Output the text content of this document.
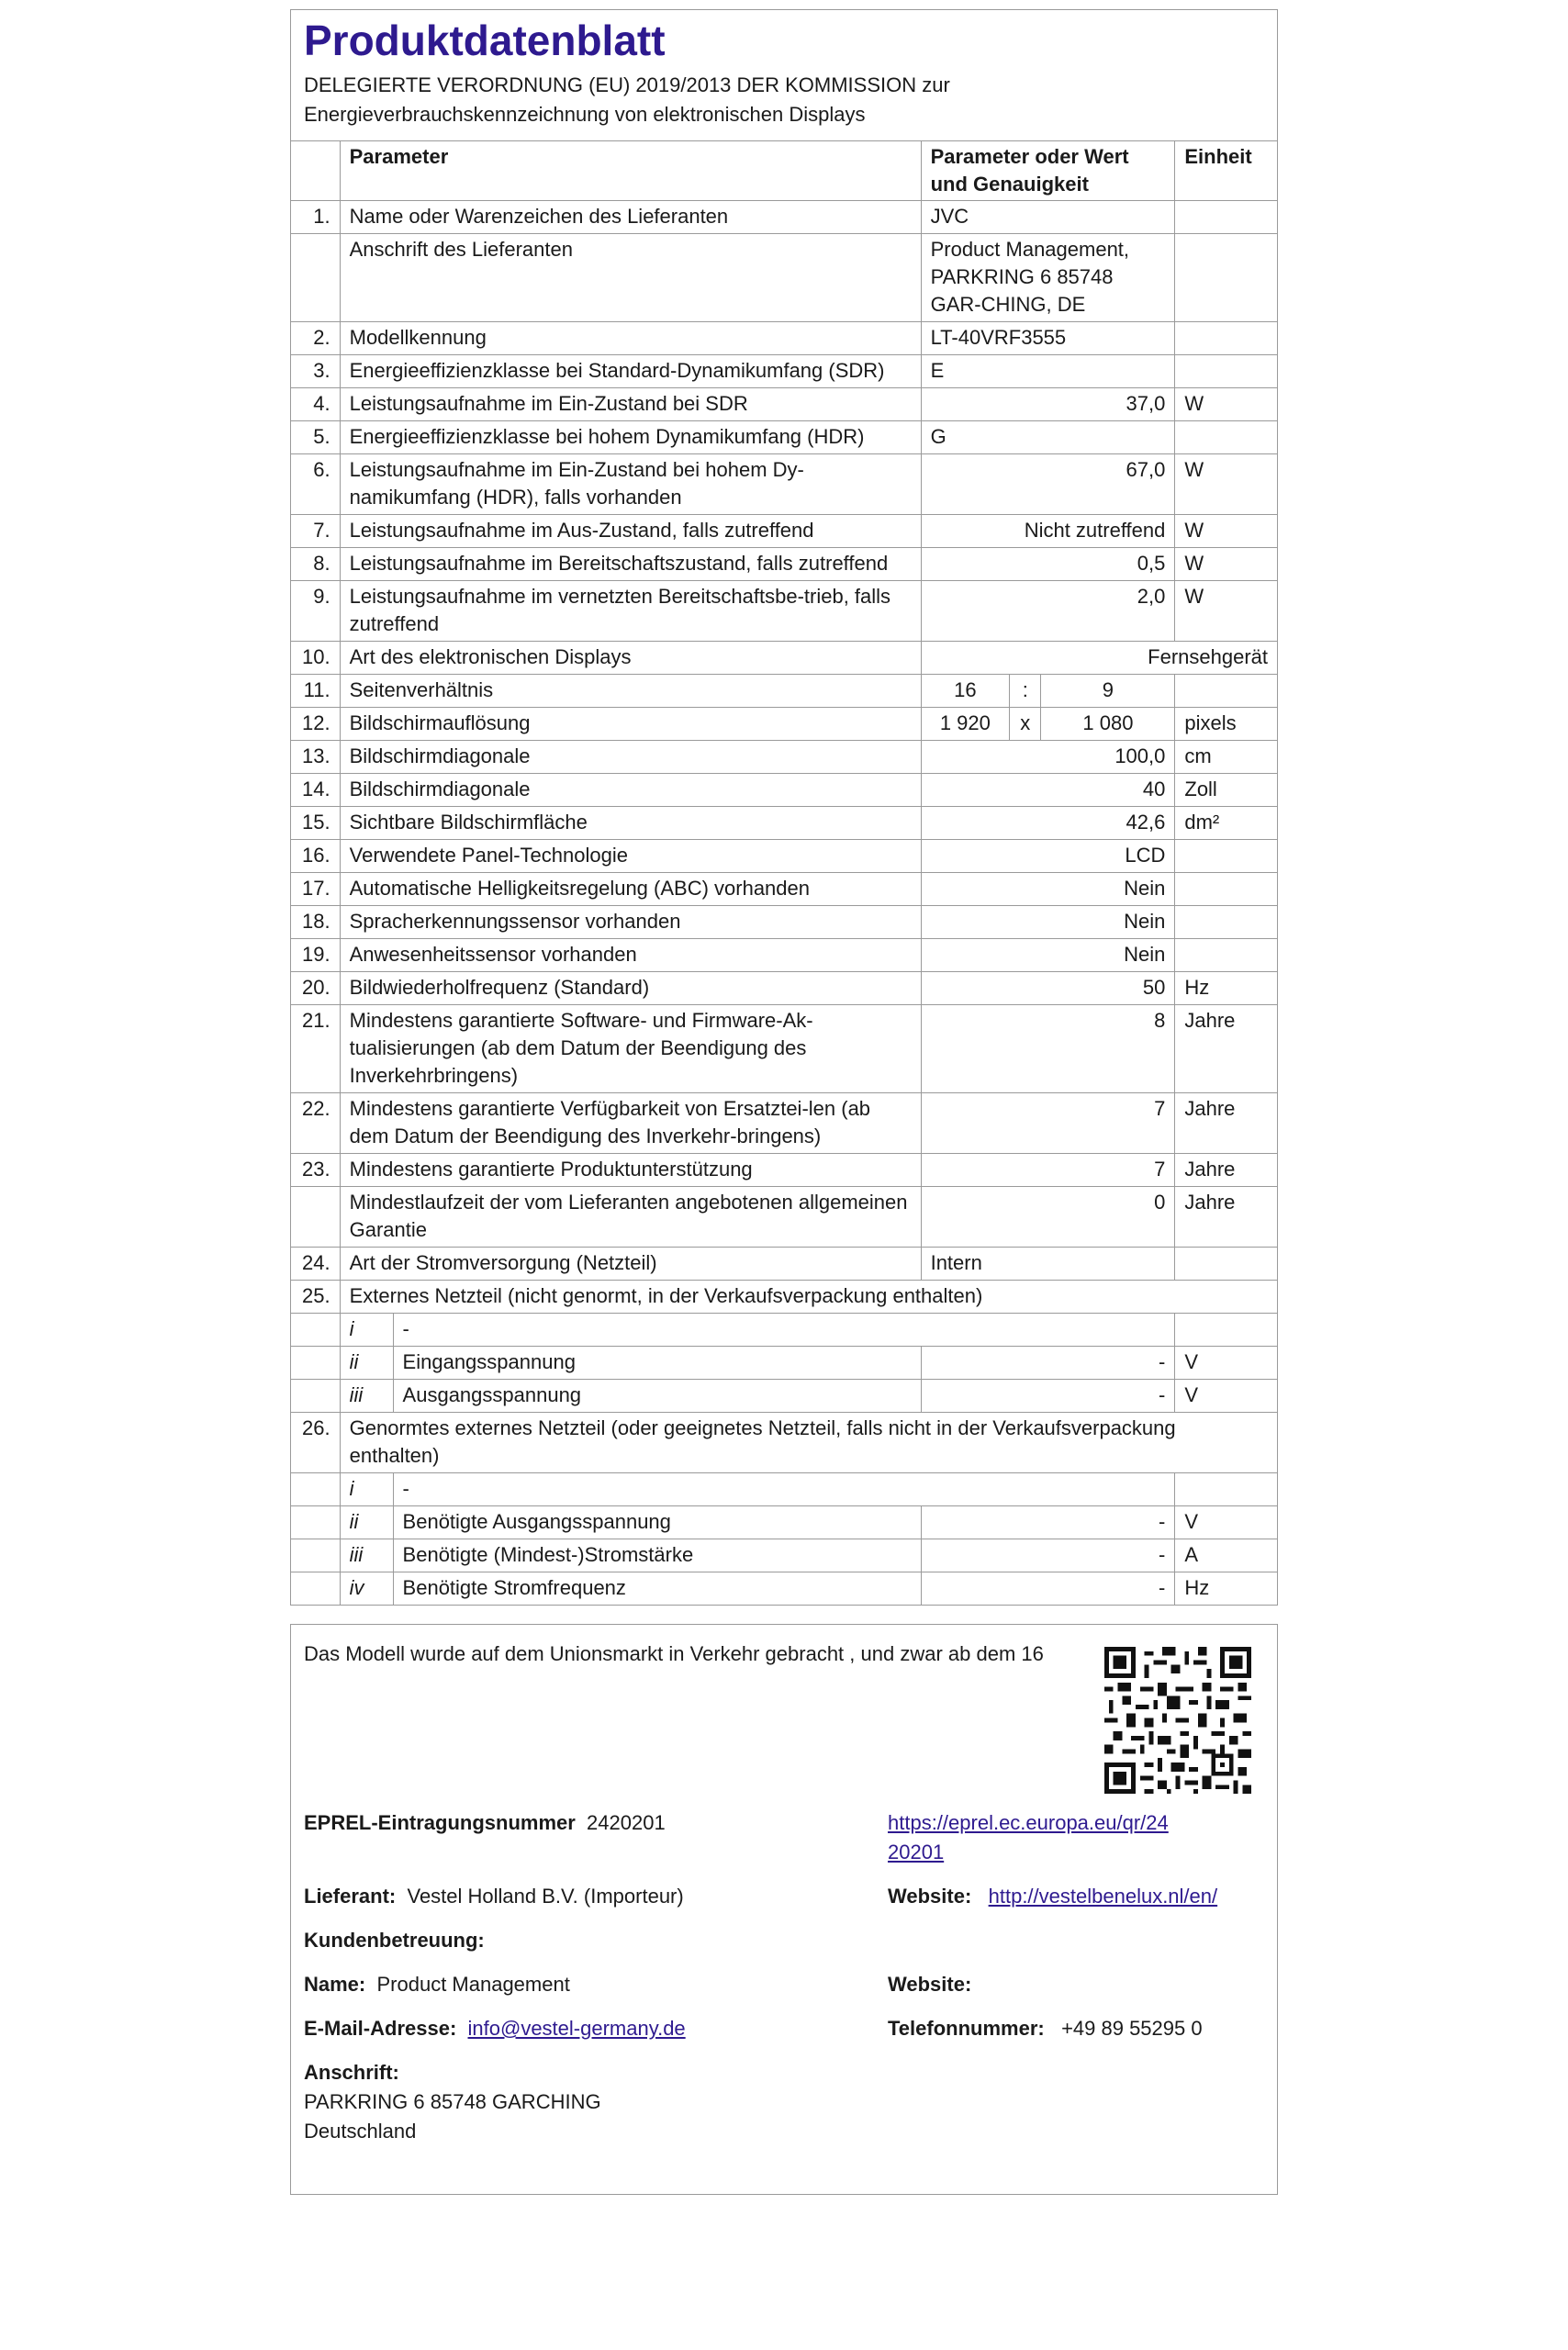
Produktdatenblatt
DELEGIERTE VERORDNUNG (EU) 2019/2013 DER KOMMISSION zur
Energieverbrauchskennzeichnung von elektronischen Displays
	Parameter		Parameter oder Wert und Genauigkeit			Einheit
1.	Name oder Warenzeichen des Lieferanten		JVC			
	Anschrift des Lieferanten		Product Management, PARKRING 6 85748 GAR-CHING, DE			
2.	Modellkennung		LT-40VRF3555			
3.	Energieeffizienzklasse bei Standard-Dynamikumfang (SDR)		E			
4.	Leistungsaufnahme im Ein-Zustand bei SDR		37,0			W
5.	Energieeffizienzklasse bei hohem Dynamikumfang (HDR)		G			
6.	Leistungsaufnahme im Ein-Zustand bei hohem Dy-namikumfang (HDR), falls vorhanden		67,0			W
7.	Leistungsaufnahme im Aus-Zustand, falls zutreffend		Nicht zutreffend			W
8.	Leistungsaufnahme im Bereitschaftszustand, falls zutreffend		0,5			W
9.	Leistungsaufnahme im vernetzten Bereitschaftsbe-trieb, falls zutreffend		2,0			W
10.	Art des elektronischen Displays		Fernsehgerät			
11.	Seitenverhältnis		16	:	9	
12.	Bildschirmauflösung		1 920	x	1 080	pixels
13.	Bildschirmdiagonale		100,0			cm
14.	Bildschirmdiagonale		40			Zoll
15.	Sichtbare Bildschirmfläche		42,6			dm²
16.	Verwendete Panel-Technologie		LCD			
17.	Automatische Helligkeitsregelung (ABC) vorhanden		Nein			
18.	Spracherkennungssensor vorhanden		Nein			
19.	Anwesenheitssensor vorhanden		Nein			
20.	Bildwiederholfrequenz (Standard)		50			Hz
21.	Mindestens garantierte Software- und Firmware-Ak-tualisierungen (ab dem Datum der Beendigung des Inverkehrbringens)		8			Jahre
22.	Mindestens garantierte Verfügbarkeit von Ersatztei-len (ab dem Datum der Beendigung des Inverkehr-bringens)		7			Jahre
23.	Mindestens garantierte Produktunterstützung		7			Jahre
	Mindestlaufzeit der vom Lieferanten angebotenen allgemeinen Garantie		0			Jahre
24.	Art der Stromversorgung (Netzteil)		Intern			
25.	Externes Netzteil (nicht genormt, in der Verkaufsverpackung enthalten)					
	i	-				
	ii	Eingangsspannung	-			V
	iii	Ausgangsspannung	-			V
26.	Genormtes externes Netzteil (oder geeignetes Netzteil, falls nicht in der Verkaufsverpackung enthalten)					
	i	-				
	ii	Benötigte Ausgangsspannung	-			V
	iii	Benötigte (Mindest-)Stromstärke	-			A
	iv	Benötigte Stromfrequenz	-			Hz
Das Modell wurde auf dem Unionsmarkt in Verkehr gebracht , und zwar ab dem 16
EPREL-Eintragungsnummer 2420201	https://eprel.ec.europa.eu/qr/24
20201
Lieferant: Vestel Holland B.V. (Importeur)	Website: http://vestelbenelux.nl/en/
Kundenbetreuung:
Name: Product Management	Website:
E-Mail-Adresse: info@vestel-germany.de	Telefonnummer: +49 89 55295 0
Anschrift:
PARKRING 6 85748 GARCHING
Deutschland
